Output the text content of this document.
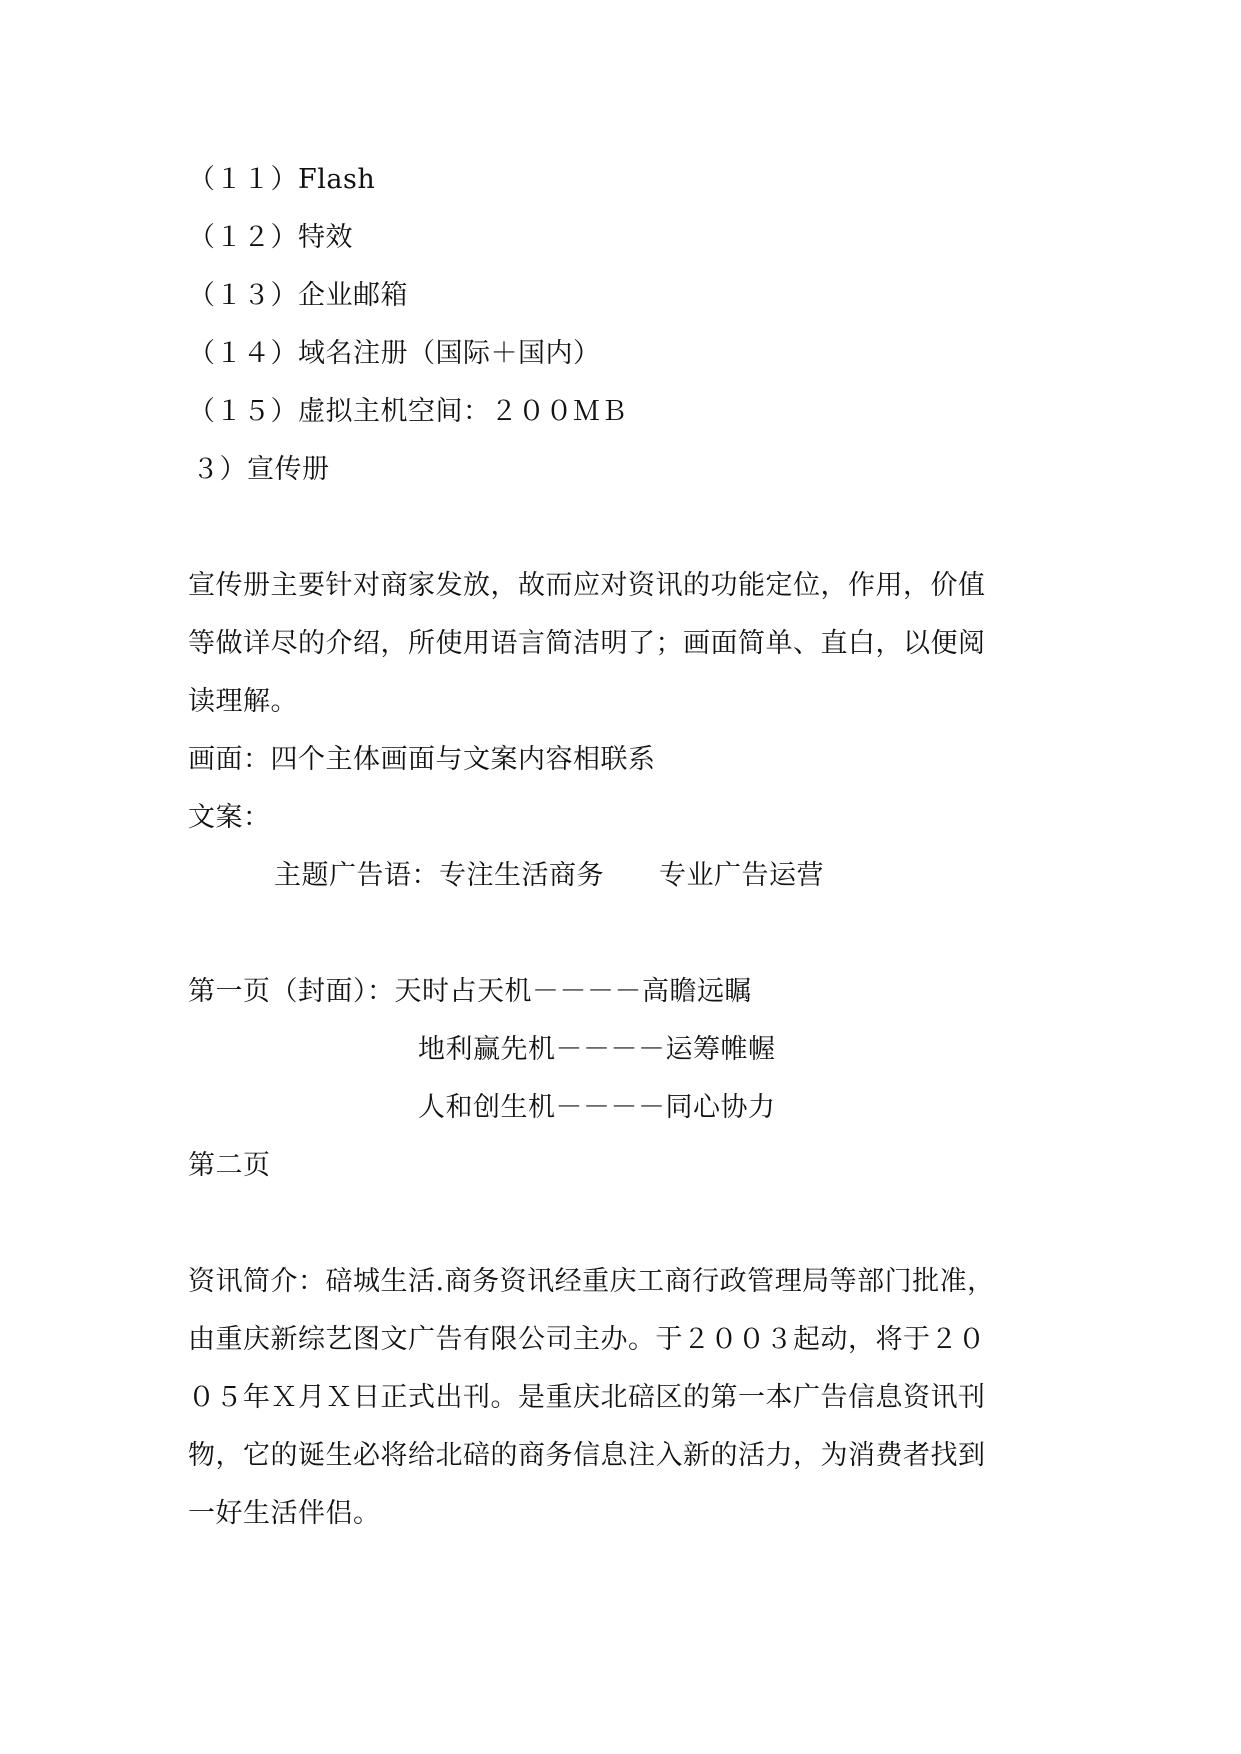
（１１）Flash
（１２）特效
（１３）企业邮箱
（１４）域名注册（国际＋国内）
（１５）虚拟主机空间：２００ＭＢ
３）宣传册
宣传册主要针对商家发放，故而应对资讯的功能定位，作用，价值
等做详尽的介绍，所使用语言简洁明了；画面简单、直白，以便阅
读理解。
画面：四个主体画面与文案内容相联系
文案：
主题广告语：专注生活商务　　专业广告运营
第一页（封面）：天时占天机－－－－高瞻远瞩
地利赢先机－－－－运筹帷幄
人和创生机－－－－同心协力
第二页
资讯简介：碚城生活.商务资讯经重庆工商行政管理局等部门批准，
由重庆新综艺图文广告有限公司主办。于２００３起动，将于２０
０５年Ｘ月Ｘ日正式出刊。是重庆北碚区的第一本广告信息资讯刊
物，它的诞生必将给北碚的商务信息注入新的活力，为消费者找到
一好生活伴侣。
